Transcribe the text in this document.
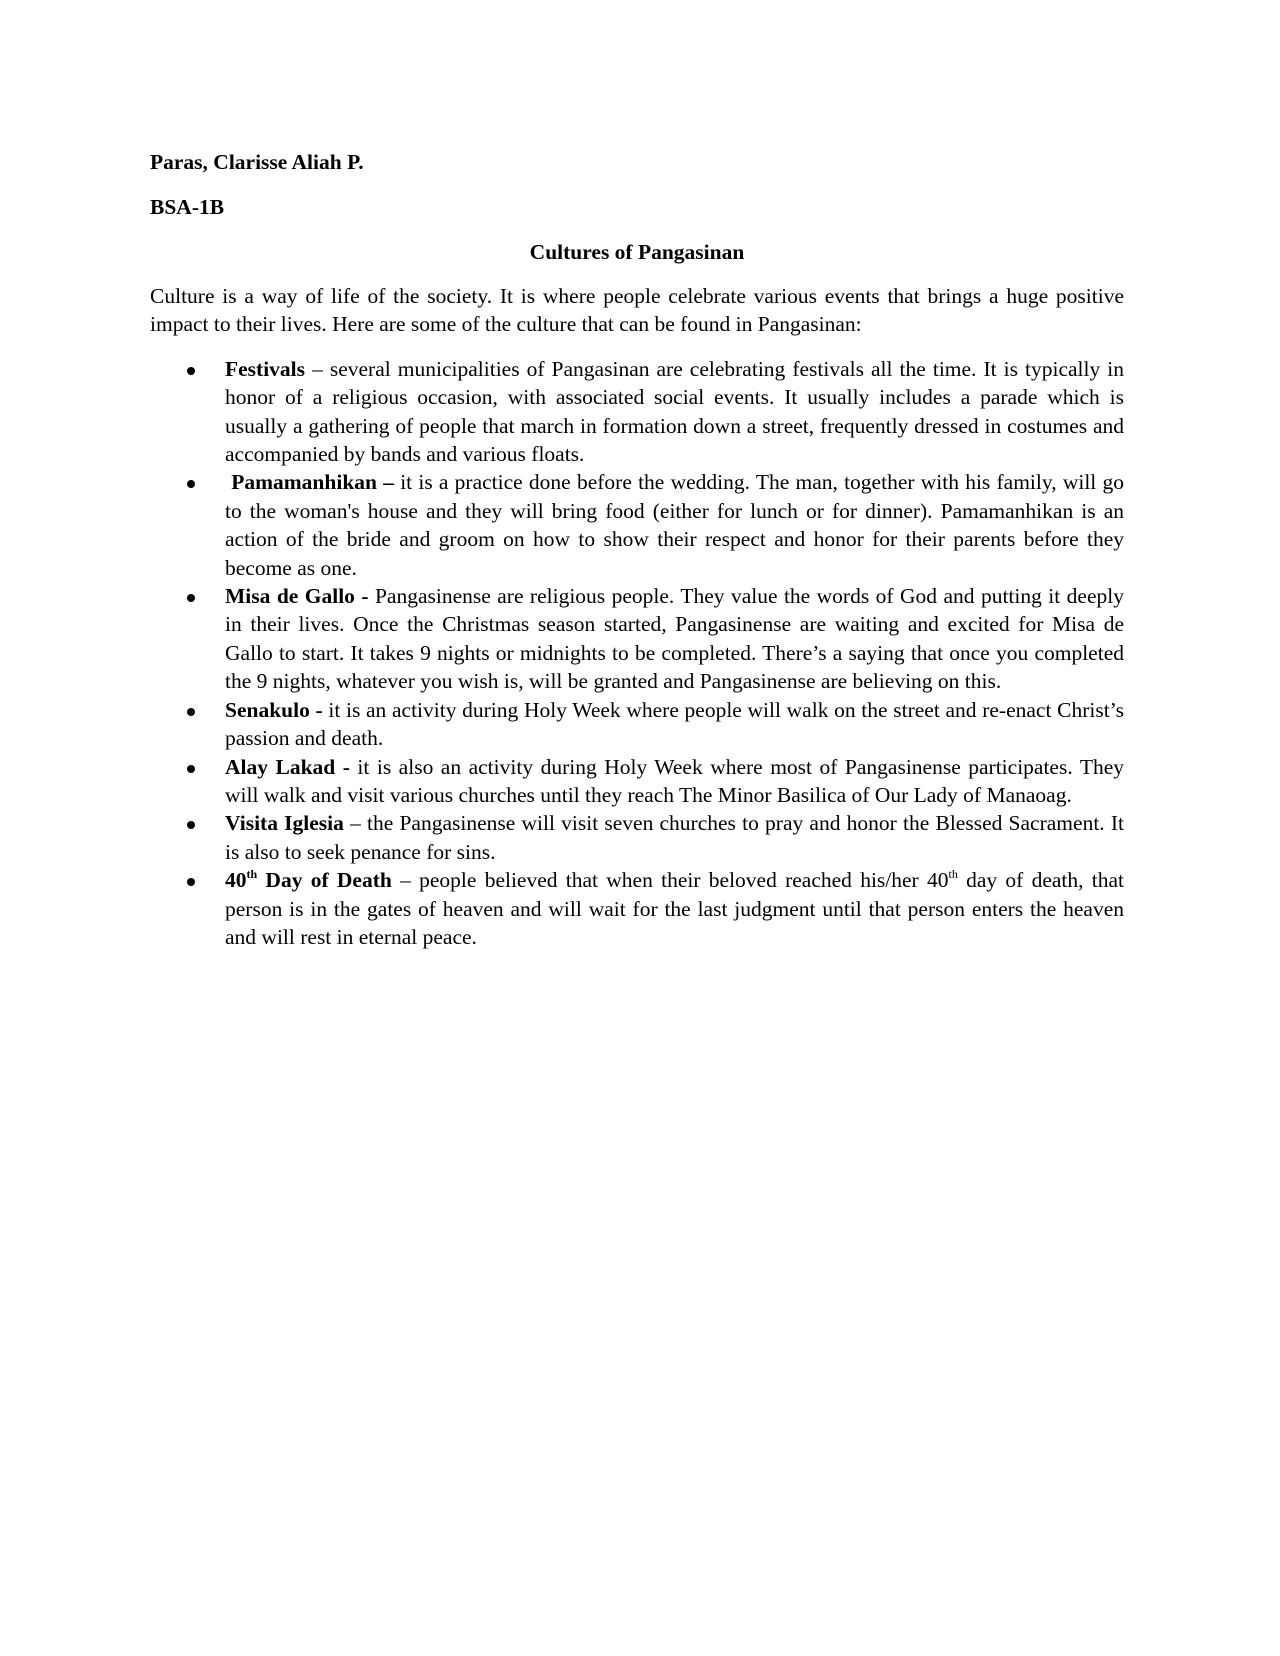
Paras, Clarisse Aliah P.
BSA-1B
Cultures of Pangasinan
Culture is a way of life of the society. It is where people celebrate various events that brings a huge positive impact to their lives. Here are some of the culture that can be found in Pangasinan:
Festivals – several municipalities of Pangasinan are celebrating festivals all the time. It is typically in honor of a religious occasion, with associated social events. It usually includes a parade which is usually a gathering of people that march in formation down a street, frequently dressed in costumes and accompanied by bands and various floats.
Pamamanhikan – it is a practice done before the wedding. The man, together with his family, will go to the woman's house and they will bring food (either for lunch or for dinner). Pamamanhikan is an action of the bride and groom on how to show their respect and honor for their parents before they become as one.
Misa de Gallo - Pangasinense are religious people. They value the words of God and putting it deeply in their lives. Once the Christmas season started, Pangasinense are waiting and excited for Misa de Gallo to start. It takes 9 nights or midnights to be completed. There’s a saying that once you completed the 9 nights, whatever you wish is, will be granted and Pangasinense are believing on this.
Senakulo - it is an activity during Holy Week where people will walk on the street and re-enact Christ’s passion and death.
Alay Lakad - it is also an activity during Holy Week where most of Pangasinense participates. They will walk and visit various churches until they reach The Minor Basilica of Our Lady of Manaoag.
Visita Iglesia – the Pangasinense will visit seven churches to pray and honor the Blessed Sacrament. It is also to seek penance for sins.
40th Day of Death – people believed that when their beloved reached his/her 40th day of death, that person is in the gates of heaven and will wait for the last judgment until that person enters the heaven and will rest in eternal peace.
